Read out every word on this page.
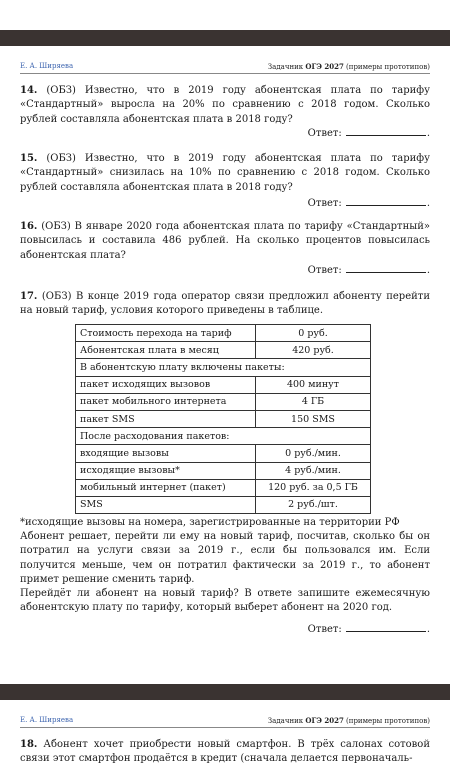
Е. А. Ширяева	Задачник ОГЭ 2027 (примеры прототипов)
14. (ОБЗ) Известно, что в 2019 году абонентская плата по тарифу «Стандартный» выросла на 20% по сравнению с 2018 годом. Сколько рублей составляла абонентская плата в 2018 году?
Ответ:	.
15. (ОБЗ) Известно, что в 2019 году абонентская плата по тарифу «Стандартный» снизилась на 10% по сравнению с 2018 годом. Сколько рублей составляла абонентская плата в 2018 году?
Ответ:	.
16. (ОБЗ) В январе 2020 года абонентская плата по тарифу «Стандартный» повысилась и составила 486 рублей. На сколько процентов повысилась абонентская плата?
Ответ:	.
17. (ОБЗ) В конце 2019 года оператор связи предложил абоненту перейти на новый тариф, условия которого приведены в таблице.
Стоимость перехода на тариф	0 руб.
Абонентская плата в месяц	420 руб.
В абонентскую плату включены пакеты:	
пакет исходящих вызовов	400 минут
пакет мобильного интернета	4 ГБ
пакет SMS	150 SMS
После расходования пакетов:	
входящие вызовы	0 руб./мин.
исходящие вызовы*	4 руб./мин.
мобильный интернет (пакет)	120 руб. за 0,5 ГБ
SMS	2 руб./шт.
*исходящие вызовы на номера, зарегистрированные на территории РФ
Абонент решает, перейти ли ему на новый тариф, посчитав, сколько бы он потратил на услуги связи за 2019 г., если бы пользовался им. Если получится меньше, чем он потратил фактически за 2019 г., то абонент примет решение сменить тариф.
Перейдёт ли абонент на новый тариф? В ответе запишите ежемесячную абонентскую плату по тарифу, который выберет абонент на 2020 год.
Ответ:	.
Е. А. Ширяева	Задачник ОГЭ 2027 (примеры прототипов)
18. Абонент хочет приобрести новый смартфон. В трёх салонах сотовой связи этот смартфон продаётся в кредит (сначала делается первоначаль-
